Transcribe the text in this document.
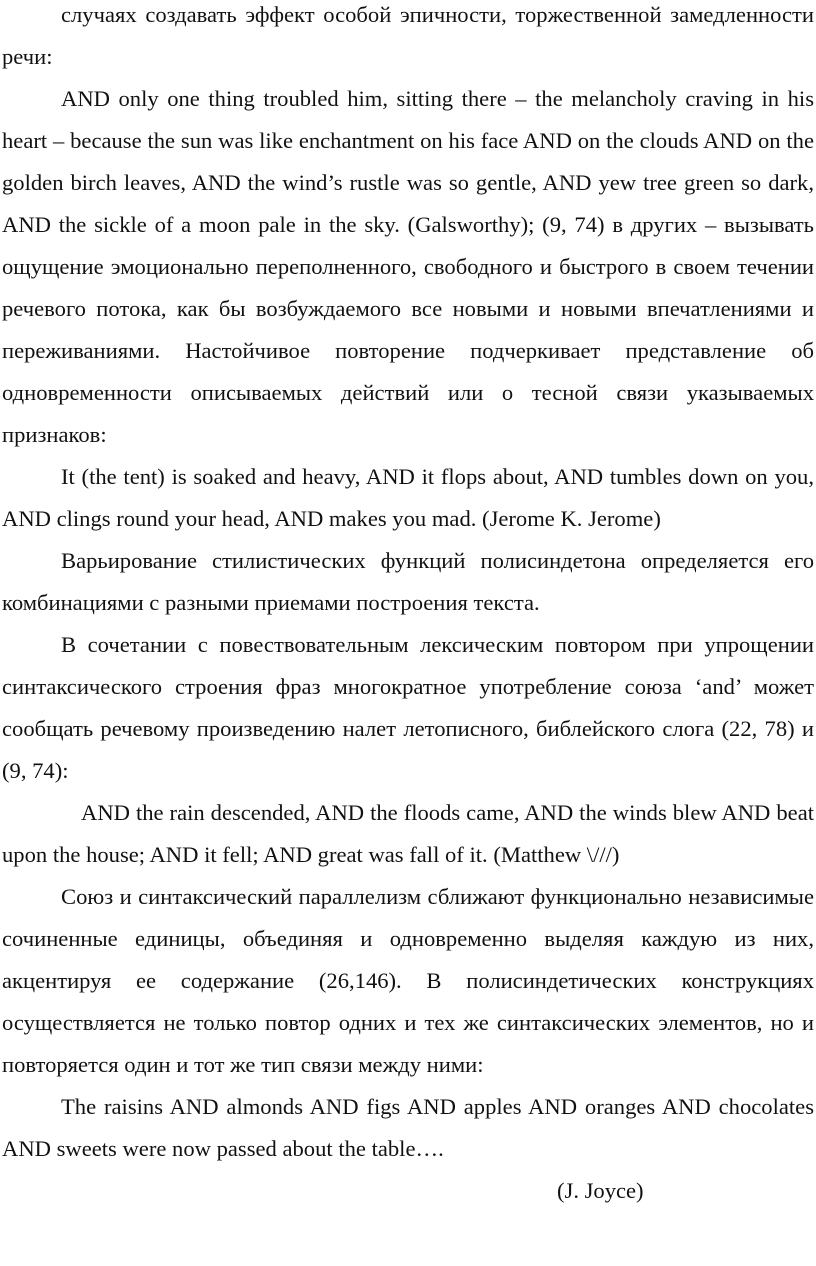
случаях создавать эффект особой эпичности, торжественной замедленности речи:

AND only one thing troubled him, sitting there – the melancholy craving in his heart – because the sun was like enchantment on his face AND on the clouds AND on the golden birch leaves, AND the wind’s rustle was so gentle, AND yew tree green so dark, AND the sickle of a moon pale in the sky. (Galsworthy); (9, 74) в других – вызывать ощущение эмоционально переполненного, свободного и быстрого в своем течении речевого потока, как бы возбуждаемого все новыми и новыми впечатлениями и переживаниями. Настойчивое повторение подчеркивает представление об одновременности описываемых действий или о тесной связи указываемых признаков:

It (the tent) is soaked and heavy, AND it flops about, AND tumbles down on you, AND clings round your head, AND makes you mad. (Jerome K. Jerome)

Варьирование стилистических функций полисиндетона определяется его комбинациями с разными приемами построения текста.

В сочетании с повествовательным лексическим повтором при упрощении синтаксического строения фраз многократное употребление союза ‘and’ может сообщать речевому произведению налет летописного, библейского слога (22, 78) и (9, 74):

AND the rain descended, AND the floods came, AND the winds blew AND beat upon the house; AND it fell; AND great was fall of it. (Matthew \///)

Союз и синтаксический параллелизм сближают функционально независимые сочиненные единицы, объединяя и одновременно выделяя каждую из них, акцентируя ее содержание (26,146). В полисиндетических конструкциях осуществляется не только повтор одних и тех же синтаксических элементов, но и повторяется один и тот же тип связи между ними:

The raisins AND almonds AND figs AND apples AND oranges AND chocolates AND sweets were now passed about the table….

(J. Joyce)
